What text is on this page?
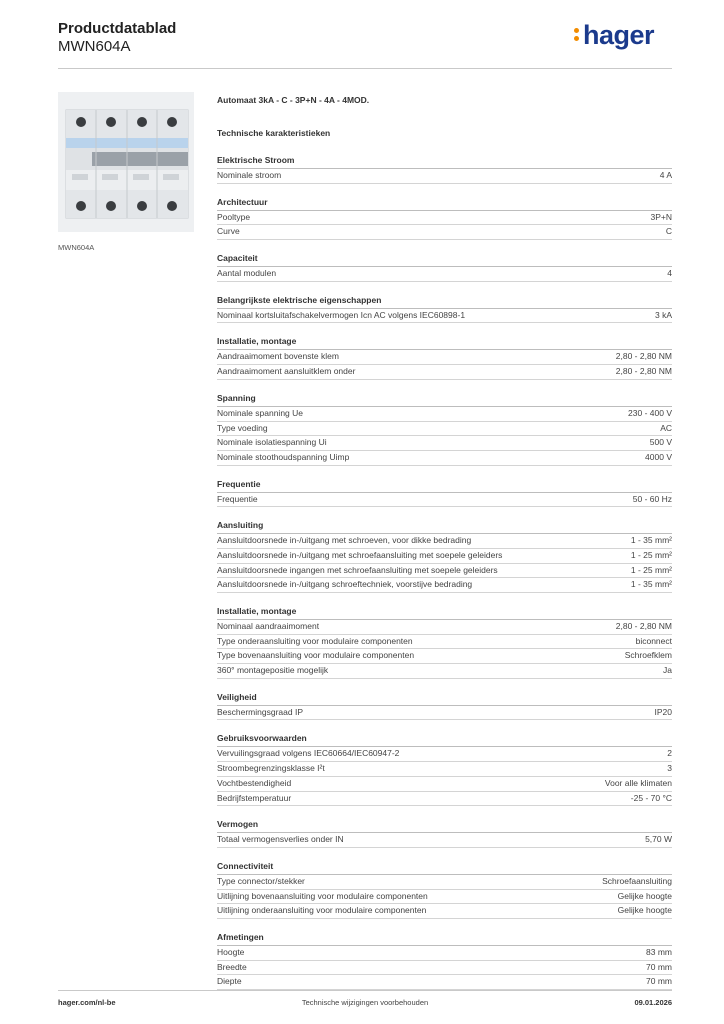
Productdatablad

MWN604A	hager
MWN604A
Automaat 3kA - C - 3P+N - 4A - 4MOD.
Technische karakteristieken
Elektrische Stroom
Nominale stroom	4 A
Architectuur
Pooltype	3P+N
Curve	C
Capaciteit
Aantal modulen	4
Belangrijkste elektrische eigenschappen
Nominaal kortsluitafschakelvermogen Icn AC volgens IEC60898-1	3 kA
Installatie, montage
Aandraaimoment bovenste klem	2,80 - 2,80 NM
Aandraaimoment aansluitklem onder	2,80 - 2,80 NM
Spanning
Nominale spanning Ue	230 - 400 V
Type voeding	AC
Nominale isolatiespanning Ui	500 V
Nominale stoothoudspanning Uimp	4000 V
Frequentie
Frequentie	50 - 60 Hz
Aansluiting
Aansluitdoorsnede in-/uitgang met schroeven, voor dikke bedrading	1 - 35 mm²
Aansluitdoorsnede in-/uitgang met schroefaansluiting met soepele geleiders	1 - 25 mm²
Aansluitdoorsnede ingangen met schroefaansluiting met soepele geleiders	1 - 25 mm²
Aansluitdoorsnede in-/uitgang schroeftechniek, voorstijve bedrading	1 - 35 mm²
Installatie, montage
Nominaal aandraaimoment	2,80 - 2,80 NM
Type onderaansluiting voor modulaire componenten	biconnect
Type bovenaansluiting voor modulaire componenten	Schroefklem
360° montagepositie mogelijk	Ja
Veiligheid
Beschermingsgraad IP	IP20
Gebruiksvoorwaarden
Vervuilingsgraad volgens IEC60664/IEC60947-2	2
Stroombegrenzingsklasse I²t	3
Vochtbestendigheid	Voor alle klimaten
Bedrijfstemperatuur	-25 - 70 °C
Vermogen
Totaal vermogensverlies onder IN	5,70 W
Connectiviteit
Type connector/stekker	Schroefaansluiting
Uitlijning bovenaansluiting voor modulaire componenten	Gelijke hoogte
Uitlijning onderaansluiting voor modulaire componenten	Gelijke hoogte
Afmetingen
Hoogte	83 mm
Breedte	70 mm
Diepte	70 mm
hager.com/nl-be	Technische wijzigingen voorbehouden	09.01.2026
